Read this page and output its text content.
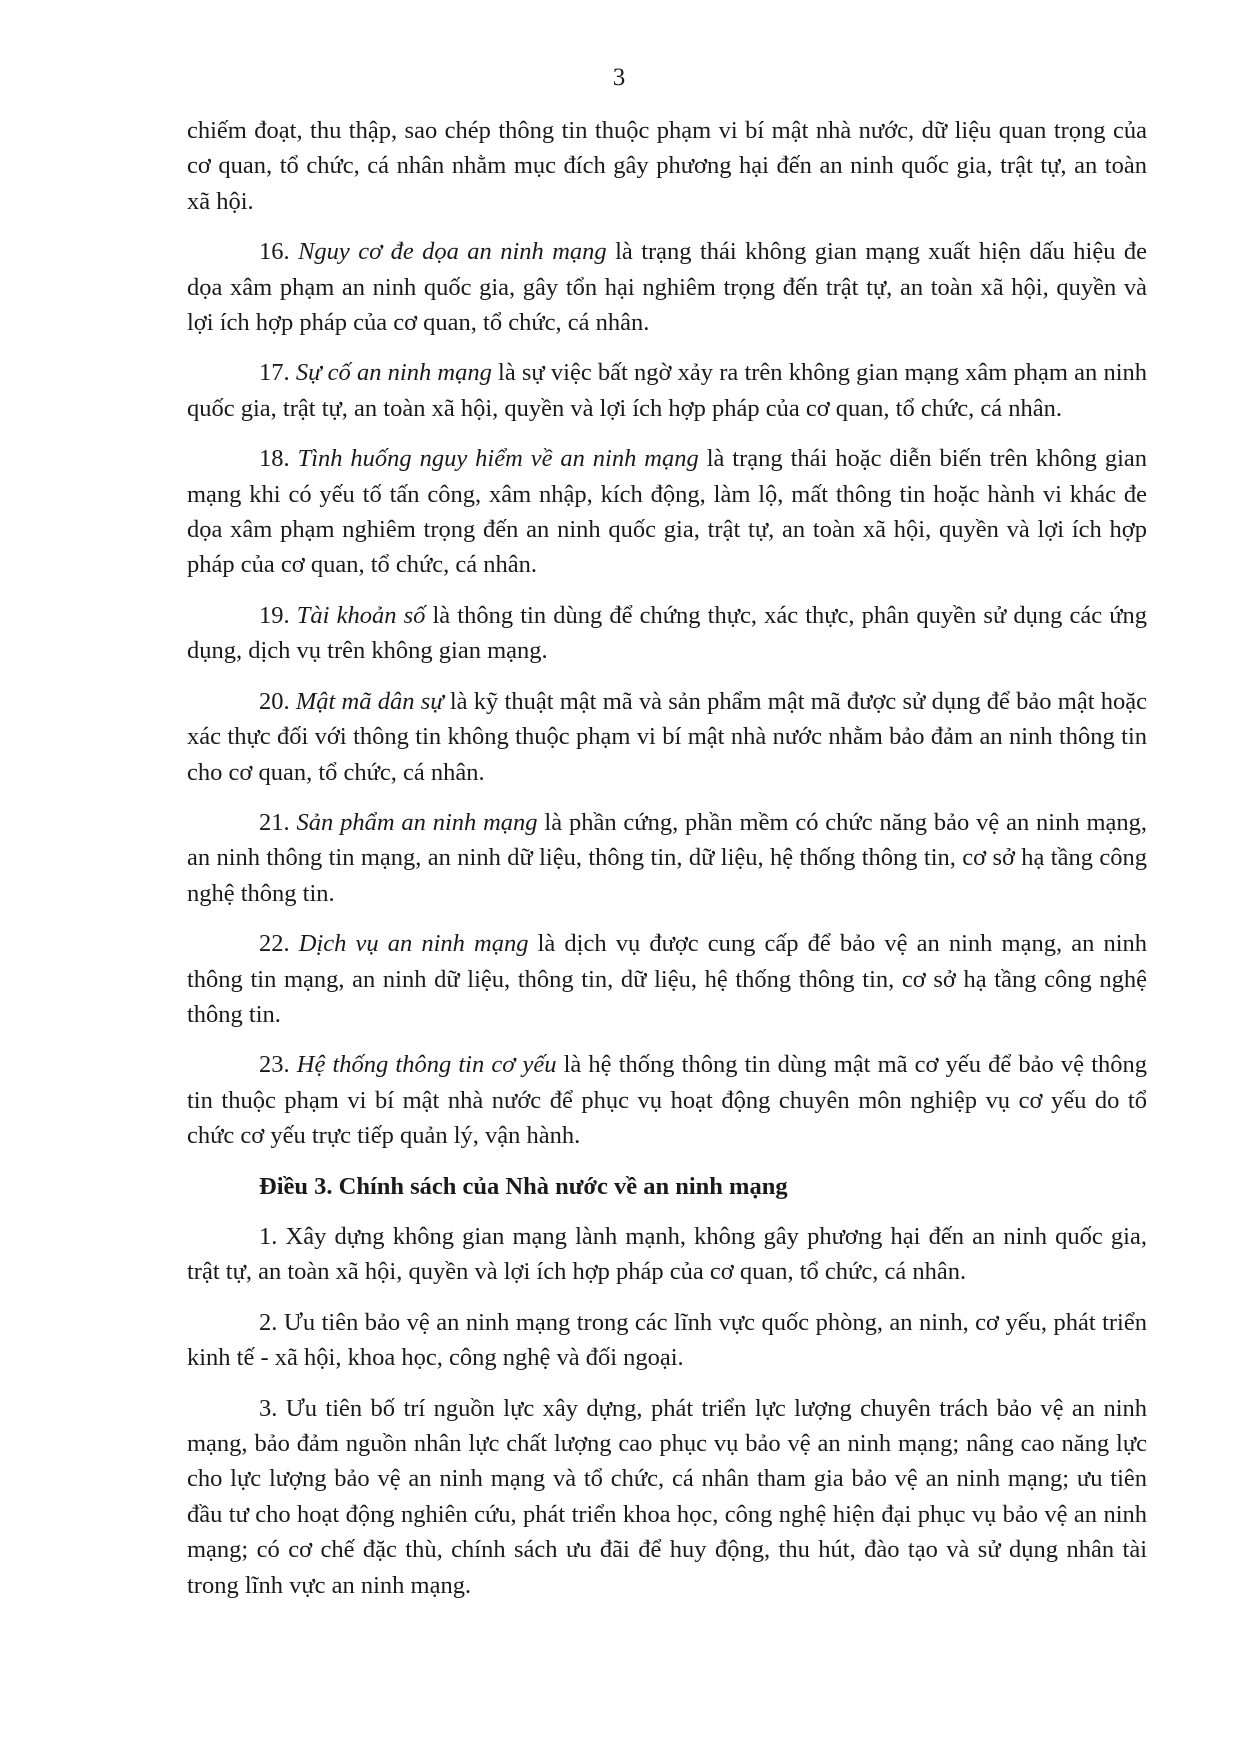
3

chiếm đoạt, thu thập, sao chép thông tin thuộc phạm vi bí mật nhà nước, dữ liệu quan trọng của cơ quan, tổ chức, cá nhân nhằm mục đích gây phương hại đến an ninh quốc gia, trật tự, an toàn xã hội.

16. Nguy cơ đe dọa an ninh mạng là trạng thái không gian mạng xuất hiện dấu hiệu đe dọa xâm phạm an ninh quốc gia, gây tổn hại nghiêm trọng đến trật tự, an toàn xã hội, quyền và lợi ích hợp pháp của cơ quan, tổ chức, cá nhân.

17. Sự cố an ninh mạng là sự việc bất ngờ xảy ra trên không gian mạng xâm phạm an ninh quốc gia, trật tự, an toàn xã hội, quyền và lợi ích hợp pháp của cơ quan, tổ chức, cá nhân.

18. Tình huống nguy hiểm về an ninh mạng là trạng thái hoặc diễn biến trên không gian mạng khi có yếu tố tấn công, xâm nhập, kích động, làm lộ, mất thông tin hoặc hành vi khác đe dọa xâm phạm nghiêm trọng đến an ninh quốc gia, trật tự, an toàn xã hội, quyền và lợi ích hợp pháp của cơ quan, tổ chức, cá nhân.

19. Tài khoản số là thông tin dùng để chứng thực, xác thực, phân quyền sử dụng các ứng dụng, dịch vụ trên không gian mạng.

20. Mật mã dân sự là kỹ thuật mật mã và sản phẩm mật mã được sử dụng để bảo mật hoặc xác thực đối với thông tin không thuộc phạm vi bí mật nhà nước nhằm bảo đảm an ninh thông tin cho cơ quan, tổ chức, cá nhân.

21. Sản phẩm an ninh mạng là phần cứng, phần mềm có chức năng bảo vệ an ninh mạng, an ninh thông tin mạng, an ninh dữ liệu, thông tin, dữ liệu, hệ thống thông tin, cơ sở hạ tầng công nghệ thông tin.

22. Dịch vụ an ninh mạng là dịch vụ được cung cấp để bảo vệ an ninh mạng, an ninh thông tin mạng, an ninh dữ liệu, thông tin, dữ liệu, hệ thống thông tin, cơ sở hạ tầng công nghệ thông tin.

23. Hệ thống thông tin cơ yếu là hệ thống thông tin dùng mật mã cơ yếu để bảo vệ thông tin thuộc phạm vi bí mật nhà nước để phục vụ hoạt động chuyên môn nghiệp vụ cơ yếu do tổ chức cơ yếu trực tiếp quản lý, vận hành.

Điều 3. Chính sách của Nhà nước về an ninh mạng

1. Xây dựng không gian mạng lành mạnh, không gây phương hại đến an ninh quốc gia, trật tự, an toàn xã hội, quyền và lợi ích hợp pháp của cơ quan, tổ chức, cá nhân.

2. Ưu tiên bảo vệ an ninh mạng trong các lĩnh vực quốc phòng, an ninh, cơ yếu, phát triển kinh tế - xã hội, khoa học, công nghệ và đối ngoại.

3. Ưu tiên bố trí nguồn lực xây dựng, phát triển lực lượng chuyên trách bảo vệ an ninh mạng, bảo đảm nguồn nhân lực chất lượng cao phục vụ bảo vệ an ninh mạng; nâng cao năng lực cho lực lượng bảo vệ an ninh mạng và tổ chức, cá nhân tham gia bảo vệ an ninh mạng; ưu tiên đầu tư cho hoạt động nghiên cứu, phát triển khoa học, công nghệ hiện đại phục vụ bảo vệ an ninh mạng; có cơ chế đặc thù, chính sách ưu đãi để huy động, thu hút, đào tạo và sử dụng nhân tài trong lĩnh vực an ninh mạng.
